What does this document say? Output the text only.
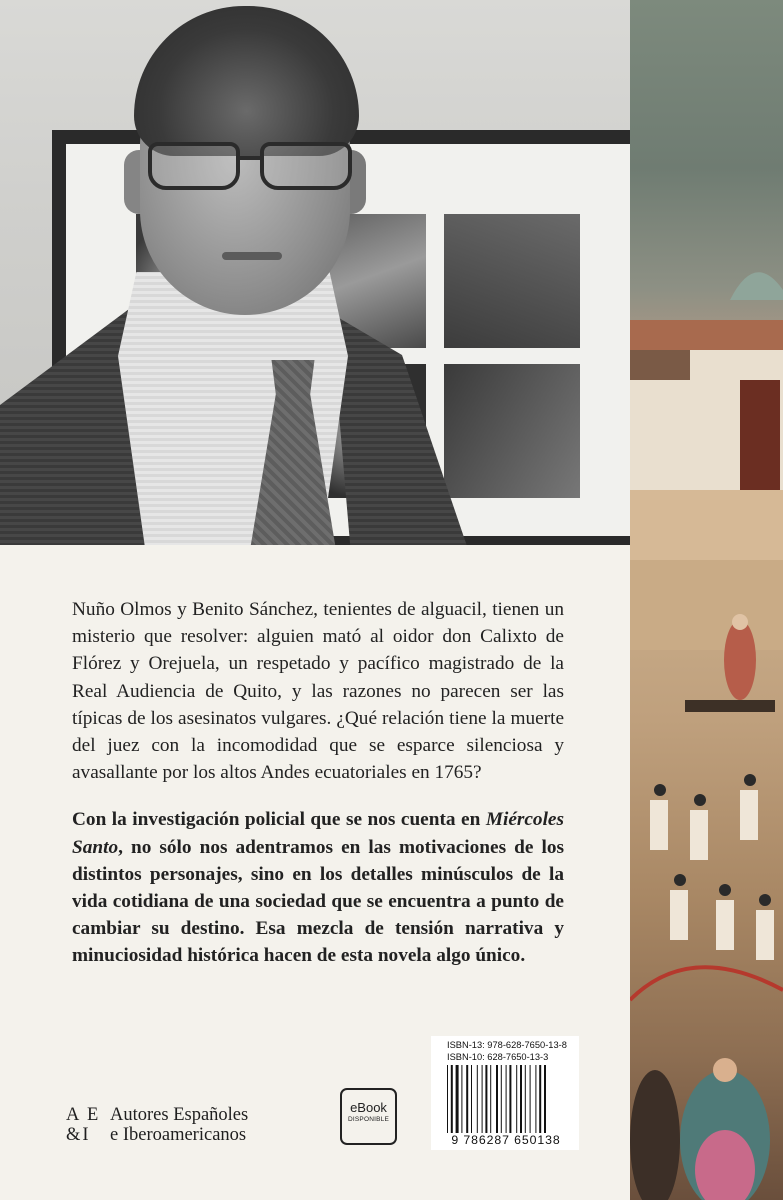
Nuño Olmos y Benito Sánchez, tenientes de alguacil, tienen un misterio que resolver: alguien mató al oidor don Calixto de Flórez y Orejuela, un respetado y pacífico magistrado de la Real Audiencia de Quito, y las razones no parecen ser las típicas de los asesinatos vulgares. ¿Qué relación tiene la muerte del juez con la incomodidad que se esparce silenciosa y avasallante por los altos Andes ecuatoriales en 1765?

Con la investigación policial que se nos cuenta en Miércoles Santo, no sólo nos adentramos en las motivaciones de los distintos personajes, sino en los detalles minúsculos de la vida cotidiana de una sociedad que se encuentra a punto de cambiar su destino. Esa mezcla de tensión narrativa y minuciosidad histórica hacen de esta novela algo único.

A E
&I
Autores Españoles
e Iberoamericanos
eBook
DISPONIBLE
ISBN-13: 978-628-7650-13-8
ISBN-10: 628-7650-13-3
9 786287 650138
